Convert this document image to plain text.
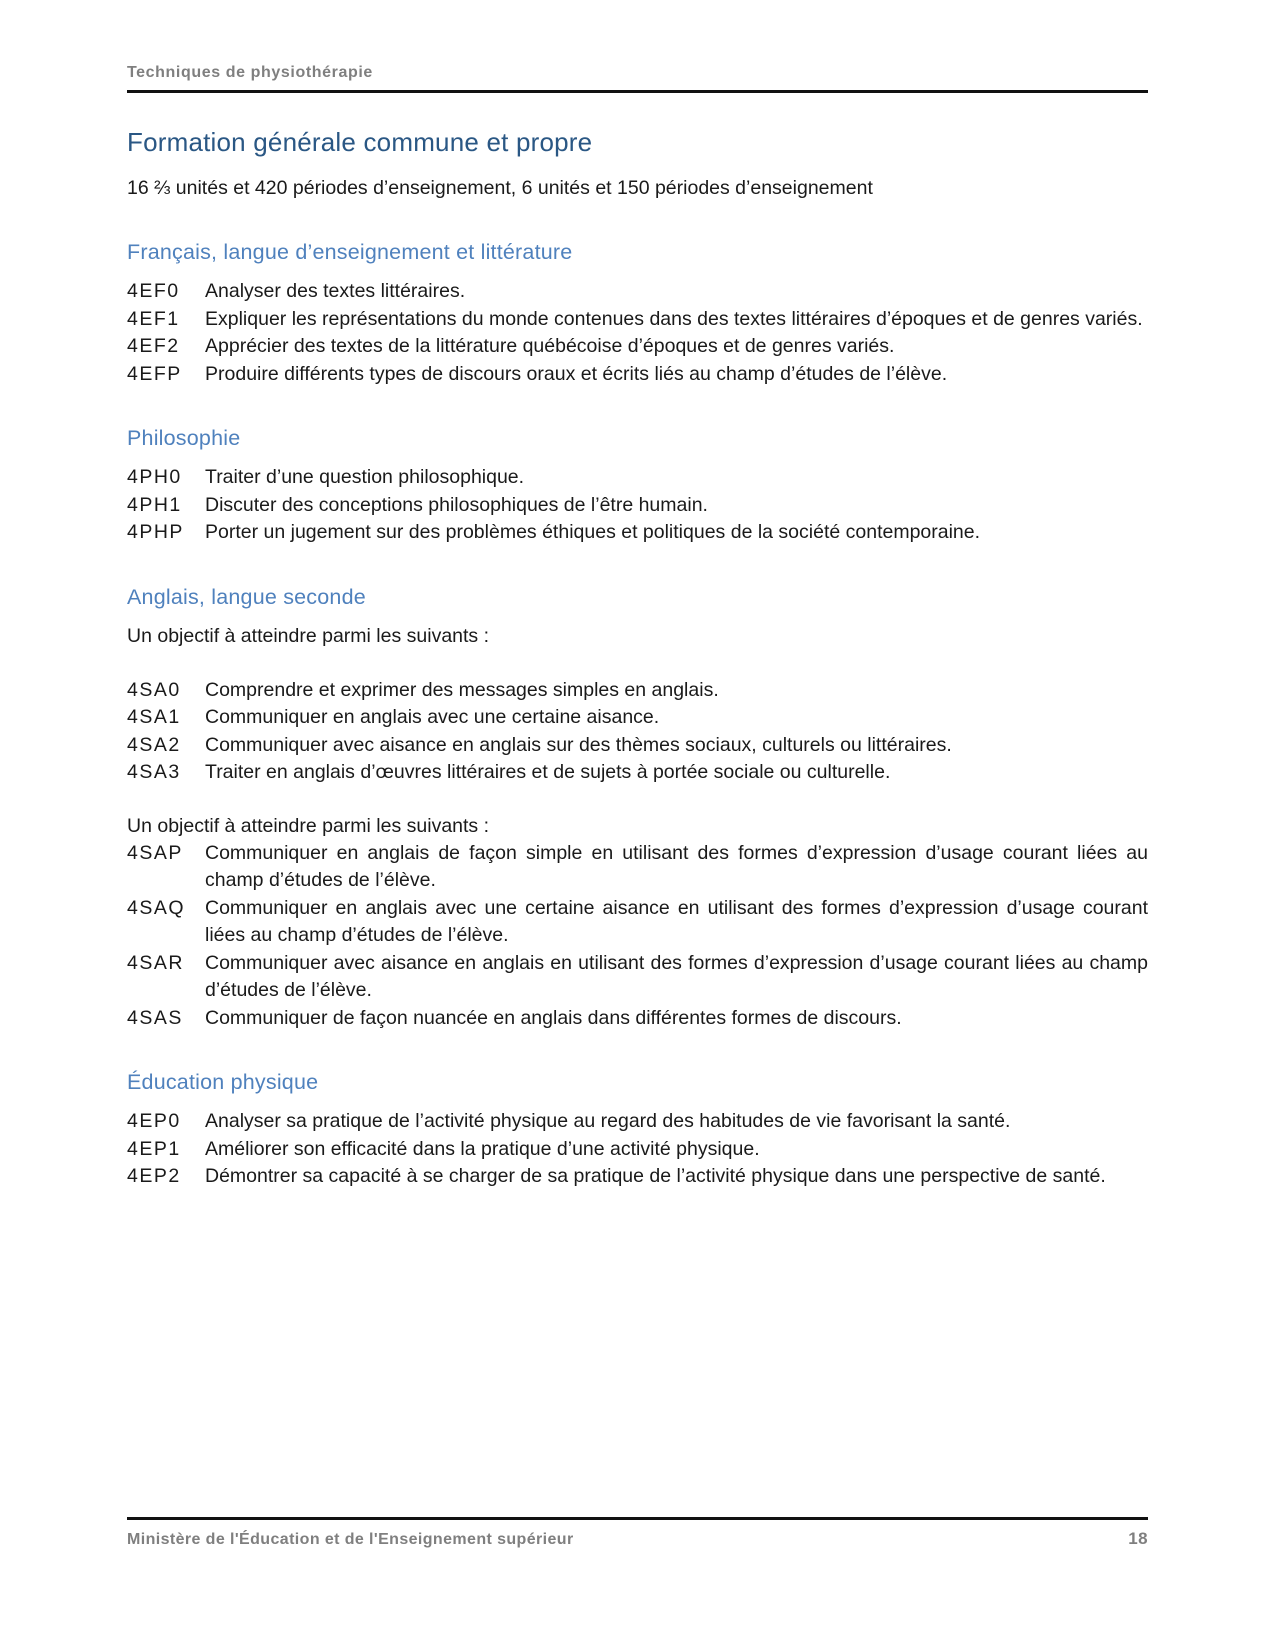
Techniques de physiothérapie
Formation générale commune et propre

16 ⅔ unités et 420 périodes d’enseignement, 6 unités et 150 périodes d’enseignement

Français, langue d’enseignement et littérature
4EF0	Analyser des textes littéraires.
4EF1	Expliquer les représentations du monde contenues dans des textes littéraires d’époques et de genres variés.
4EF2	Apprécier des textes de la littérature québécoise d’époques et de genres variés.
4EFP	Produire différents types de discours oraux et écrits liés au champ d’études de l’élève.
Philosophie
4PH0	Traiter d’une question philosophique.
4PH1	Discuter des conceptions philosophiques de l’être humain.
4PHP	Porter un jugement sur des problèmes éthiques et politiques de la société contemporaine.
Anglais, langue seconde

Un objectif à atteindre parmi les suivants :

4SA0	Comprendre et exprimer des messages simples en anglais.
4SA1	Communiquer en anglais avec une certaine aisance.
4SA2	Communiquer avec aisance en anglais sur des thèmes sociaux, culturels ou littéraires.
4SA3	Traiter en anglais d’œuvres littéraires et de sujets à portée sociale ou culturelle.

Un objectif à atteindre parmi les suivants :

4SAP	Communiquer en anglais de façon simple en utilisant des formes d’expression d’usage courant liées au champ d’études de l’élève.
4SAQ	Communiquer en anglais avec une certaine aisance en utilisant des formes d’expression d’usage courant liées au champ d’études de l’élève.
4SAR	Communiquer avec aisance en anglais en utilisant des formes d’expression d’usage courant liées au champ d’études de l’élève.
4SAS	Communiquer de façon nuancée en anglais dans différentes formes de discours.
Éducation physique
4EP0	Analyser sa pratique de l’activité physique au regard des habitudes de vie favorisant la santé.
4EP1	Améliorer son efficacité dans la pratique d’une activité physique.
4EP2	Démontrer sa capacité à se charger de sa pratique de l’activité physique dans une perspective de santé.
Ministère de l'Éducation et de l'Enseignement supérieur	18
